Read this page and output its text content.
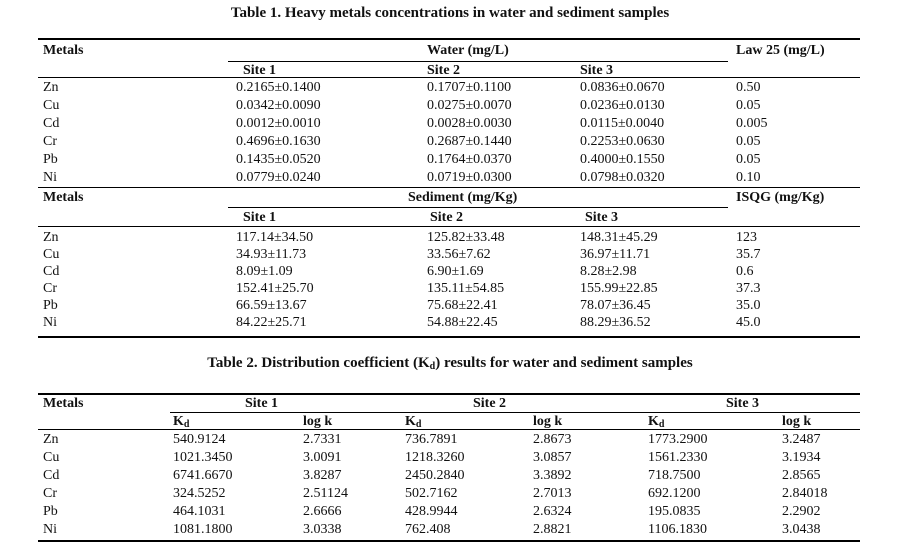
Table 1. Heavy metals concentrations in water and sediment samples
Metals	Water (mg/L)	Law 25 (mg/L)
Site 1	Site 2	Site 3
Zn	0.2165±0.1400	0.1707±0.1100	0.0836±0.0670	0.50
Cu	0.0342±0.0090	0.0275±0.0070	0.0236±0.0130	0.05
Cd	0.0012±0.0010	0.0028±0.0030	0.0115±0.0040	0.005
Cr	0.4696±0.1630	0.2687±0.1440	0.2253±0.0630	0.05
Pb	0.1435±0.0520	0.1764±0.0370	0.4000±0.1550	0.05
Ni	0.0779±0.0240	0.0719±0.0300	0.0798±0.0320	0.10
Metals	Sediment (mg/Kg)	ISQG (mg/Kg)
Site 1	Site 2	Site 3
Zn	117.14±34.50	125.82±33.48	148.31±45.29	123
Cu	34.93±11.73	33.56±7.62	36.97±11.71	35.7
Cd	8.09±1.09	6.90±1.69	8.28±2.98	0.6
Cr	152.41±25.70	135.11±54.85	155.99±22.85	37.3
Pb	66.59±13.67	75.68±22.41	78.07±36.45	35.0
Ni	84.22±25.71	54.88±22.45	88.29±36.52	45.0
Table 2. Distribution coefficient $(K_d)$ results for water and sediment samples
Metals	Site 1	Site 2	Site 3
$K_d$	log k	$K_d$	log k	$K_d$	log k
Zn	540.9124	2.7331	736.7891	2.8673	1773.2900	3.2487
Cu	1021.3450	3.0091	1218.3260	3.0857	1561.2330	3.1934
Cd	6741.6670	3.8287	2450.2840	3.3892	718.7500	2.8565
Cr	324.5252	2.51124	502.7162	2.7013	692.1200	2.84018
Pb	464.1031	2.6666	428.9944	2.6324	195.0835	2.2902
Ni	1081.1800	3.0338	762.408	2.8821	1106.1830	3.0438
